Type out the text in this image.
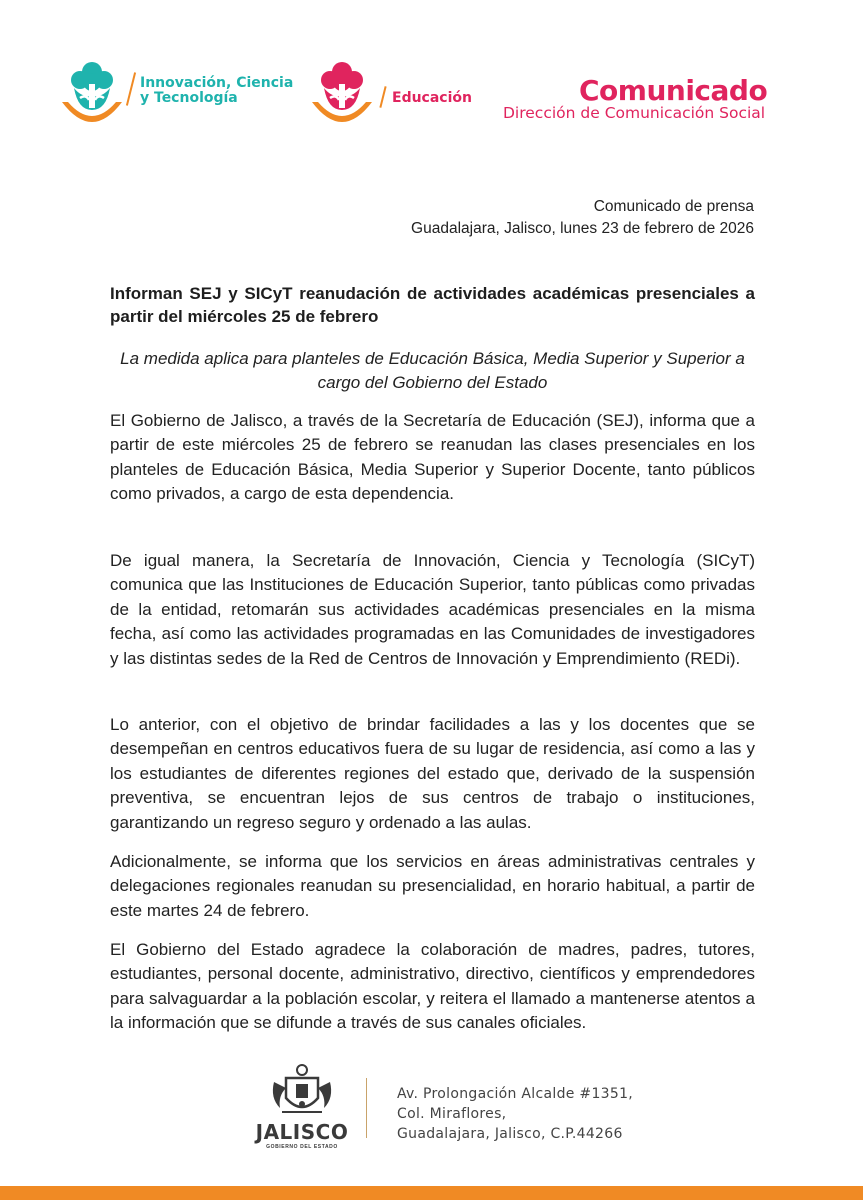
Innovación, Ciencia
y Tecnología	Educación	Comunicado
Dirección de Comunicación Social
Comunicado de prensa
Guadalajara, Jalisco, lunes 23 de febrero de 2026
Informan SEJ y SICyT reanudación de actividades académicas presenciales a partir del miércoles 25 de febrero
La medida aplica para planteles de Educación Básica, Media Superior y Superior a cargo del Gobierno del Estado
El Gobierno de Jalisco, a través de la Secretaría de Educación (SEJ), informa que a partir de este miércoles 25 de febrero se reanudan las clases presenciales en los planteles de Educación Básica, Media Superior y Superior Docente, tanto públicos como privados, a cargo de esta dependencia.
De igual manera, la Secretaría de Innovación, Ciencia y Tecnología (SICyT) comunica que las Instituciones de Educación Superior, tanto públicas como privadas de la entidad, retomarán sus actividades académicas presenciales en la misma fecha, así como las actividades programadas en las Comunidades de investigadores y las distintas sedes de la Red de Centros de Innovación y Emprendimiento (REDi).
Lo anterior, con el objetivo de brindar facilidades a las y los docentes que se desempeñan en centros educativos fuera de su lugar de residencia, así como a las y los estudiantes de diferentes regiones del estado que, derivado de la suspensión preventiva, se encuentran lejos de sus centros de trabajo o instituciones, garantizando un regreso seguro y ordenado a las aulas.
Adicionalmente, se informa que los servicios en áreas administrativas centrales y delegaciones regionales reanudan su presencialidad, en horario habitual, a partir de este martes 24 de febrero.
El Gobierno del Estado agradece la colaboración de madres, padres, tutores, estudiantes, personal docente, administrativo, directivo, científicos y emprendedores para salvaguardar a la población escolar, y reitera el llamado a mantenerse atentos a la información que se difunde a través de sus canales oficiales.
JALISCO
GOBIERNO DEL ESTADO
Av. Prolongación Alcalde #1351,
Col. Miraflores,
Guadalajara, Jalisco, C.P.44266
